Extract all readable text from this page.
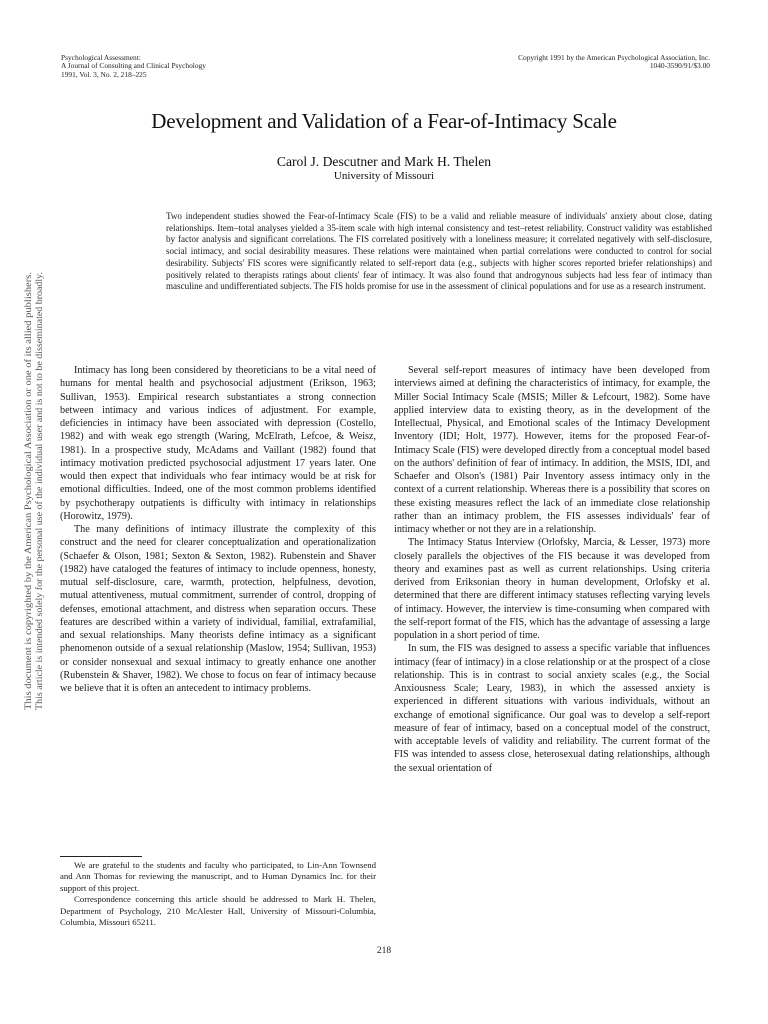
Psychological Assessment:
A Journal of Consulting and Clinical Psychology
1991, Vol. 3, No. 2, 218–225
Copyright 1991 by the American Psychological Association, Inc.
1040-3590/91/$3.00
Development and Validation of a Fear-of-Intimacy Scale
Carol J. Descutner and Mark H. Thelen
University of Missouri
Two independent studies showed the Fear-of-Intimacy Scale (FIS) to be a valid and reliable measure of individuals' anxiety about close, dating relationships. Item–total analyses yielded a 35-item scale with high internal consistency and test–retest reliability. Construct validity was established by factor analysis and significant correlations. The FIS correlated positively with a loneliness measure; it correlated negatively with self-disclosure, social intimacy, and social desirability measures. These relations were maintained when partial correlations were conducted to control for social desirability. Subjects' FIS scores were significantly related to self-report data (e.g., subjects with higher scores reported briefer relationships) and positively related to therapists ratings about clients' fear of intimacy. It was also found that androgynous subjects had less fear of intimacy than masculine and undifferentiated subjects. The FIS holds promise for use in the assessment of clinical populations and for use as a research instrument.

Intimacy has long been considered by theoreticians to be a vital need of humans for mental health and psychosocial adjustment (Erikson, 1963; Sullivan, 1953). Empirical research substantiates a strong connection between intimacy and various indices of adjustment. For example, deficiencies in intimacy have been associated with depression (Costello, 1982) and with weak ego strength (Waring, McElrath, Lefcoe, & Weisz, 1981). In a prospective study, McAdams and Vaillant (1982) found that intimacy motivation predicted psychosocial adjustment 17 years later. One would then expect that individuals who fear intimacy would be at risk for emotional difficulties. Indeed, one of the most common problems identified by psychotherapy outpatients is difficulty with intimacy in relationships (Horowitz, 1979).

The many definitions of intimacy illustrate the complexity of this construct and the need for clearer conceptualization and operationalization (Schaefer & Olson, 1981; Sexton & Sexton, 1982). Rubenstein and Shaver (1982) have cataloged the features of intimacy to include openness, honesty, mutual self-disclosure, care, warmth, protection, helpfulness, devotion, mutual attentiveness, mutual commitment, surrender of control, dropping of defenses, emotional attachment, and distress when separation occurs. These features are described within a variety of individual, familial, extrafamilial, and sexual relationships. Many theorists define intimacy as a significant phenomenon outside of a sexual relationship (Maslow, 1954; Sullivan, 1953) or consider nonsexual and sexual intimacy to greatly enhance one another (Rubenstein & Shaver, 1982). We chose to focus on fear of intimacy because we believe that it is often an antecedent to intimacy problems.

Several self-report measures of intimacy have been developed from interviews aimed at defining the characteristics of intimacy, for example, the Miller Social Intimacy Scale (MSIS; Miller & Lefcourt, 1982). Some have applied interview data to existing theory, as in the development of the Intellectual, Physical, and Emotional scales of the Intimacy Development Inventory (IDI; Holt, 1977). However, items for the proposed Fear-of-Intimacy Scale (FIS) were developed directly from a conceptual model based on the authors' definition of fear of intimacy. In addition, the MSIS, IDI, and Schaefer and Olson's (1981) Pair Inventory assess intimacy only in the context of a current relationship. Whereas there is a possibility that scores on these existing measures reflect the lack of an immediate close relationship rather than an intimacy problem, the FIS assesses individuals' fear of intimacy whether or not they are in a relationship.

The Intimacy Status Interview (Orlofsky, Marcia, & Lesser, 1973) more closely parallels the objectives of the FIS because it was developed from theory and examines past as well as current relationships. Using criteria derived from Eriksonian theory in human development, Orlofsky et al. determined that there are different intimacy statuses reflecting varying levels of intimacy. However, the interview is time-consuming when compared with the self-report format of the FIS, which has the advantage of assessing a large population in a short period of time.

In sum, the FIS was designed to assess a specific variable that influences intimacy (fear of intimacy) in a close relationship or at the prospect of a close relationship. This is in contrast to social anxiety scales (e.g., the Social Anxiousness Scale; Leary, 1983), in which the assessed anxiety is experienced in different situations with various individuals, without an exchange of emotional significance. Our goal was to develop a self-report measure of fear of intimacy, based on a conceptual model of the construct, with acceptable levels of validity and reliability. The current format of the FIS was intended to assess close, heterosexual dating relationships, although the sexual orientation of

We are grateful to the students and faculty who participated, to Lin-Ann Townsend and Ann Thomas for reviewing the manuscript, and to Human Dynamics Inc. for their support of this project.

Correspondence concerning this article should be addressed to Mark H. Thelen, Department of Psychology, 210 McAlester Hall, University of Missouri-Columbia, Columbia, Missouri 65211.

218
This document is copyrighted by the American Psychological Association or one of its allied publishers. This article is intended solely for the personal use of the individual user and is not to be disseminated broadly.
